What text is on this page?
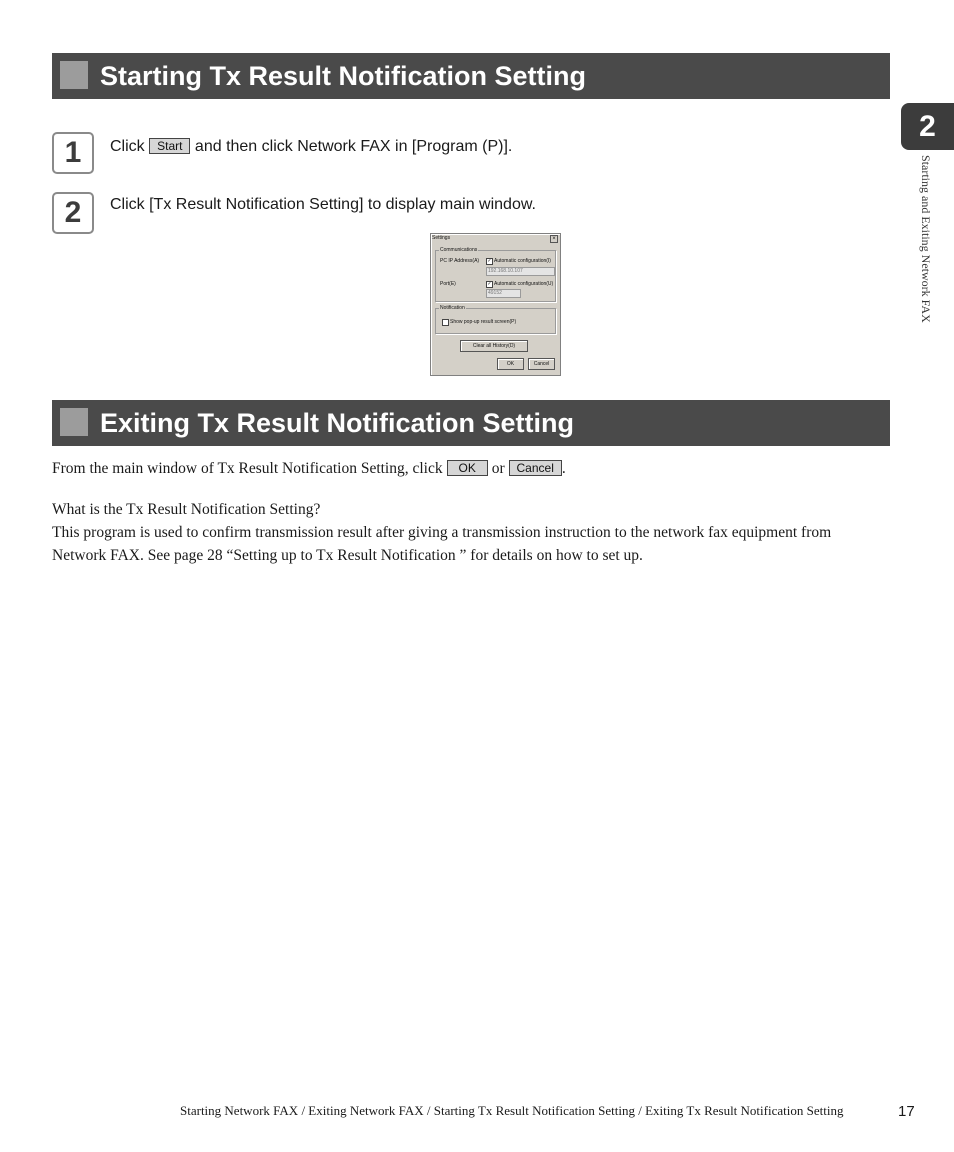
2
Starting and Exiting Network FAX
Starting Tx Result Notification Setting
1	Click Start and then click Network FAX in [Program (P)].
2	Click [Tx Result Notification Setting] to display main window.
Settings	×
Communications
PC IP Address(A) ✓ Automatic configuration(I)
192.168.10.107
Port(E)	✓ Automatic configuration(U)
49152
Notification
Show pop-up result screen(P)
Clear all History(D)
OK	Cancel
Exiting Tx Result Notification Setting
From the main window of Tx Result Notification Setting, click OK or Cancel .
What is the Tx Result Notification Setting?
This program is used to confirm transmission result after giving a transmission instruction to the network fax equipment from
Network FAX. See page 28 “Setting up to Tx Result Notification ” for details on how to set up.
Starting Network FAX / Exiting Network FAX / Starting Tx Result Notification Setting / Exiting Tx Result Notification Setting	17
